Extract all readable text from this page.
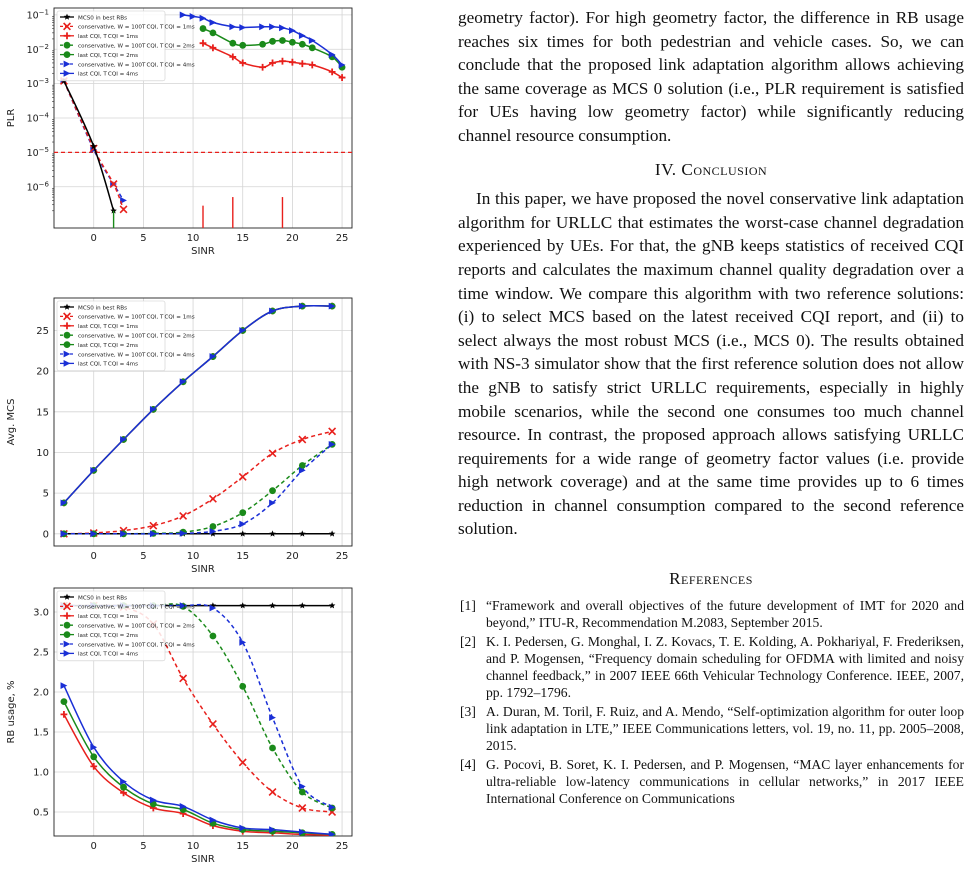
0	5	10	15	20	25
$10^{-6}$
$10^{-5}$
$10^{-4}$
$10^{-3}$
$10^{-2}$
$10^{-1}$
SINR
PLR
MCS0 in best RBs
conservative, W = 100T CQI, T CQI = 1ms
last CQI, T CQI = 1ms
conservative, W = 100T CQI, T CQI = 2ms
last CQI, T CQI = 2ms
conservative, W = 100T CQI, T CQI = 4ms
last CQI, T CQI = 4ms
0	5	10	15	20	25
0
5
10
15
20
25
SINR
Avg. MCS
MCS0 in best RBs
conservative, W = 100T CQI, T CQI = 1ms
last CQI, T CQI = 1ms
conservative, W = 100T CQI, T CQI = 2ms
last CQI, T CQI = 2ms
conservative, W = 100T CQI, T CQI = 4ms
last CQI, T CQI = 4ms
0	5	10	15	20	25
0.5
1.0
1.5
2.0
2.5
3.0
SINR
RB usage, %
MCS0 in best RBs
conservative, W = 100T CQI, T CQI = 1ms
last CQI, T CQI = 1ms
conservative, W = 100T CQI, T CQI = 2ms
last CQI, T CQI = 2ms
conservative, W = 100T CQI, T CQI = 4ms
last CQI, T CQI = 4ms

geometry factor). For high geometry factor, the difference in RB usage reaches six times for both pedestrian and vehicle cases. So, we can conclude that the proposed link adaptation algorithm allows achieving the same coverage as MCS 0 solution (i.e., PLR requirement is satisfied for UEs having low geometry factor) while significantly reducing channel resource consumption.

IV. Conclusion

In this paper, we have proposed the novel conservative link adaptation algorithm for URLLC that estimates the worst-case channel degradation experienced by UEs. For that, the gNB keeps statistics of received CQI reports and calculates the maximum channel quality degradation over a time window. We compare this algorithm with two reference solutions: (i) to select MCS based on the latest received CQI report, and (ii) to select always the most robust MCS (i.e., MCS 0). The results obtained with NS-3 simulator show that the first reference solution does not allow the gNB to satisfy strict URLLC requirements, especially in highly mobile scenarios, while the second one consumes too much channel resource. In contrast, the proposed approach allows satisfying URLLC requirements for a wide range of geometry factor values (i.e. provide high network coverage) and at the same time provides up to 6 times reduction in channel consumption compared to the second reference solution.

References
[1] “Framework and overall objectives of the future development of IMT for 2020 and beyond,” ITU-R, Recommendation M.2083, September 2015.
[2] K. I. Pedersen, G. Monghal, I. Z. Kovacs, T. E. Kolding, A. Pokhariyal, F. Frederiksen, and P. Mogensen, “Frequency domain scheduling for OFDMA with limited and noisy channel feedback,” in 2007 IEEE 66th Vehicular Technology Conference. IEEE, 2007, pp. 1792–1796.
[3] A. Duran, M. Toril, F. Ruiz, and A. Mendo, “Self-optimization algorithm for outer loop link adaptation in LTE,” IEEE Communications letters, vol. 19, no. 11, pp. 2005–2008, 2015.
[4] G. Pocovi, B. Soret, K. I. Pedersen, and P. Mogensen, “MAC layer enhancements for ultra-reliable low-latency communications in cellular networks,” in 2017 IEEE International Conference on Communications
